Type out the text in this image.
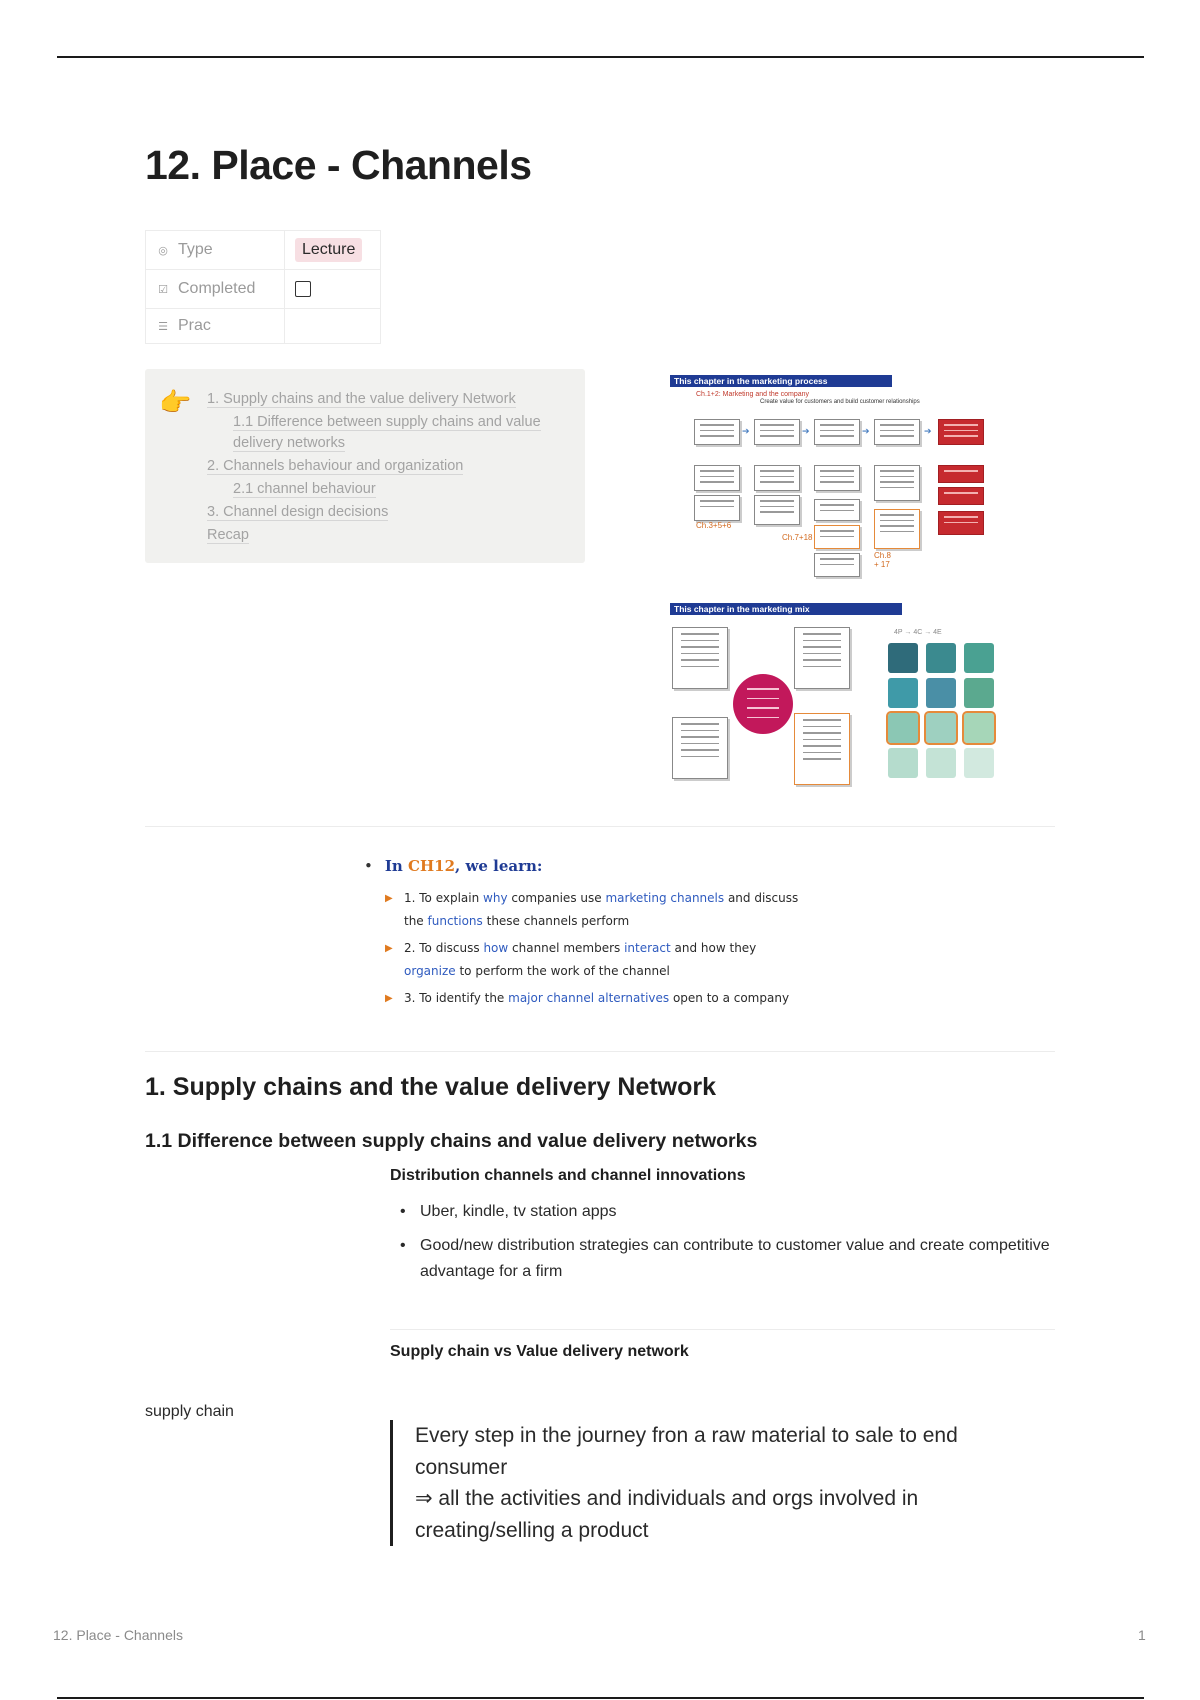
12. Place - Channels
◎ Type	Lecture
☑ Completed
☰ Prac
👉 1. Supply chains and the value delivery Network
1.1 Difference between supply chains and value delivery networks
2. Channels behaviour and organization
2.1 channel behaviour
3. Channel design decisions
Recap
This chapter in the marketing process
Ch.1+2: Marketing and the company
Create value for customers and build customer relationships
➔	➔	➔	➔
Ch.3+5+6
Ch.7+18
Ch.8 + 17
This chapter in the marketing mix
4P → 4C → 4E
• In CH12, we learn:
▶ 1. To explain why companies use marketing channels and discuss
the functions these channels perform
▶ 2. To discuss how channel members interact and how they
organize to perform the work of the channel
▶ 3. To identify the major channel alternatives open to a company
1. Supply chains and the value delivery Network
1.1 Difference between supply chains and value delivery networks
Distribution channels and channel innovations
• Uber, kindle, tv station apps
• Good/new distribution strategies can contribute to customer value and create competitive advantage for a firm
Supply chain vs Value delivery network
supply chain
Every step in the journey fron a raw material to sale to end consumer
⇒ all the activities and individuals and orgs involved in creating/selling a product
12. Place - Channels	1
